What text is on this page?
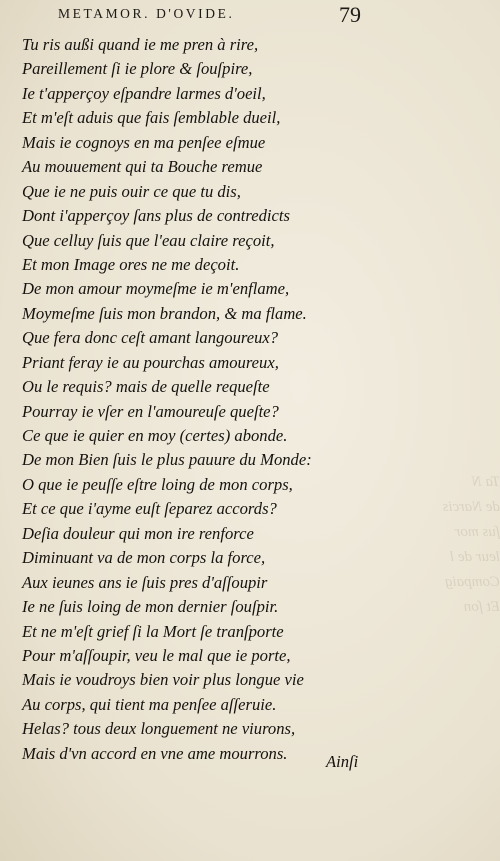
Ta N
de Narcis
ſus mor
leur de l
Compaig
Et ſon
METAMOR. D'OVIDE.	79
Tu ris außi quand ie me pren à rire,
Pareillement ſi ie plore & ſouſpire,
Ie t'apperçoy eſpandre larmes d'oeil,
Et m'eſt aduis que fais ſemblable dueil,
Mais ie cognoys en ma penſee eſmue
Au mouuement qui ta Bouche remue
Que ie ne puis ouir ce que tu dis,
Dont i'apperçoy ſans plus de contredicts
Que celluy ſuis que l'eau claire reçoit,
Et mon Image ores ne me deçoit.
De mon amour moymeſme ie m'enflame,
Moymeſme ſuis mon brandon, & ma flame.
Que fera donc ceſt amant langoureux?
Priant feray ie au pourchas amoureux,
Ou le requis? mais de quelle requeſte
Pourray ie vſer en l'amoureuſe queſte?
Ce que ie quier en moy (certes) abonde.
De mon Bien ſuis le plus pauure du Monde:
O que ie peuſſe eſtre loing de mon corps,
Et ce que i'ayme euſt ſeparez accords?
Deſia douleur qui mon ire renforce
Diminuant va de mon corps la force,
Aux ieunes ans ie ſuis pres d'aſſoupir
Ie ne ſuis loing de mon dernier ſouſpir.
Et ne m'eſt grief ſi la Mort ſe tranſporte
Pour m'aſſoupir, veu le mal que ie porte,
Mais ie voudroys bien voir plus longue vie
Au corps, qui tient ma penſee aſſeruie.
Helas? tous deux longuement ne viurons,
Mais d'vn accord en vne ame mourrons.	Ainſi
